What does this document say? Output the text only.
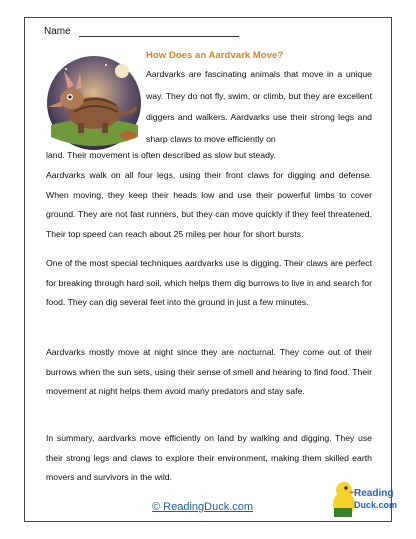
Name
How Does an Aardvark Move?
Aardvarks are fascinating animals that move in a unique way. They do not fly, swim, or climb, but they are excellent diggers and walkers. Aardvarks use their strong legs and sharp claws to move efficiently on
land. Their movement is often described as slow but steady.
Aardvarks walk on all four legs, using their front claws for digging and defense. When moving, they keep their heads low and use their powerful limbs to cover ground. They are not fast runners, but they can move quickly if they feel threatened. Their top speed can reach about 25 miles per hour for short bursts.
One of the most special techniques aardvarks use is digging. Their claws are perfect for breaking through hard soil, which helps them dig burrows to live in and search for food. They can dig several feet into the ground in just a few minutes.
Aardvarks mostly move at night since they are nocturnal. They come out of their burrows when the sun sets, using their sense of smell and hearing to find food. Their movement at night helps them avoid many predators and stay safe.
In summary, aardvarks move efficiently on land by walking and digging. They use their strong legs and claws to explore their environment, making them skilled earth movers and survivors in the wild.
© ReadingDuck.com
Reading
Duck.com
